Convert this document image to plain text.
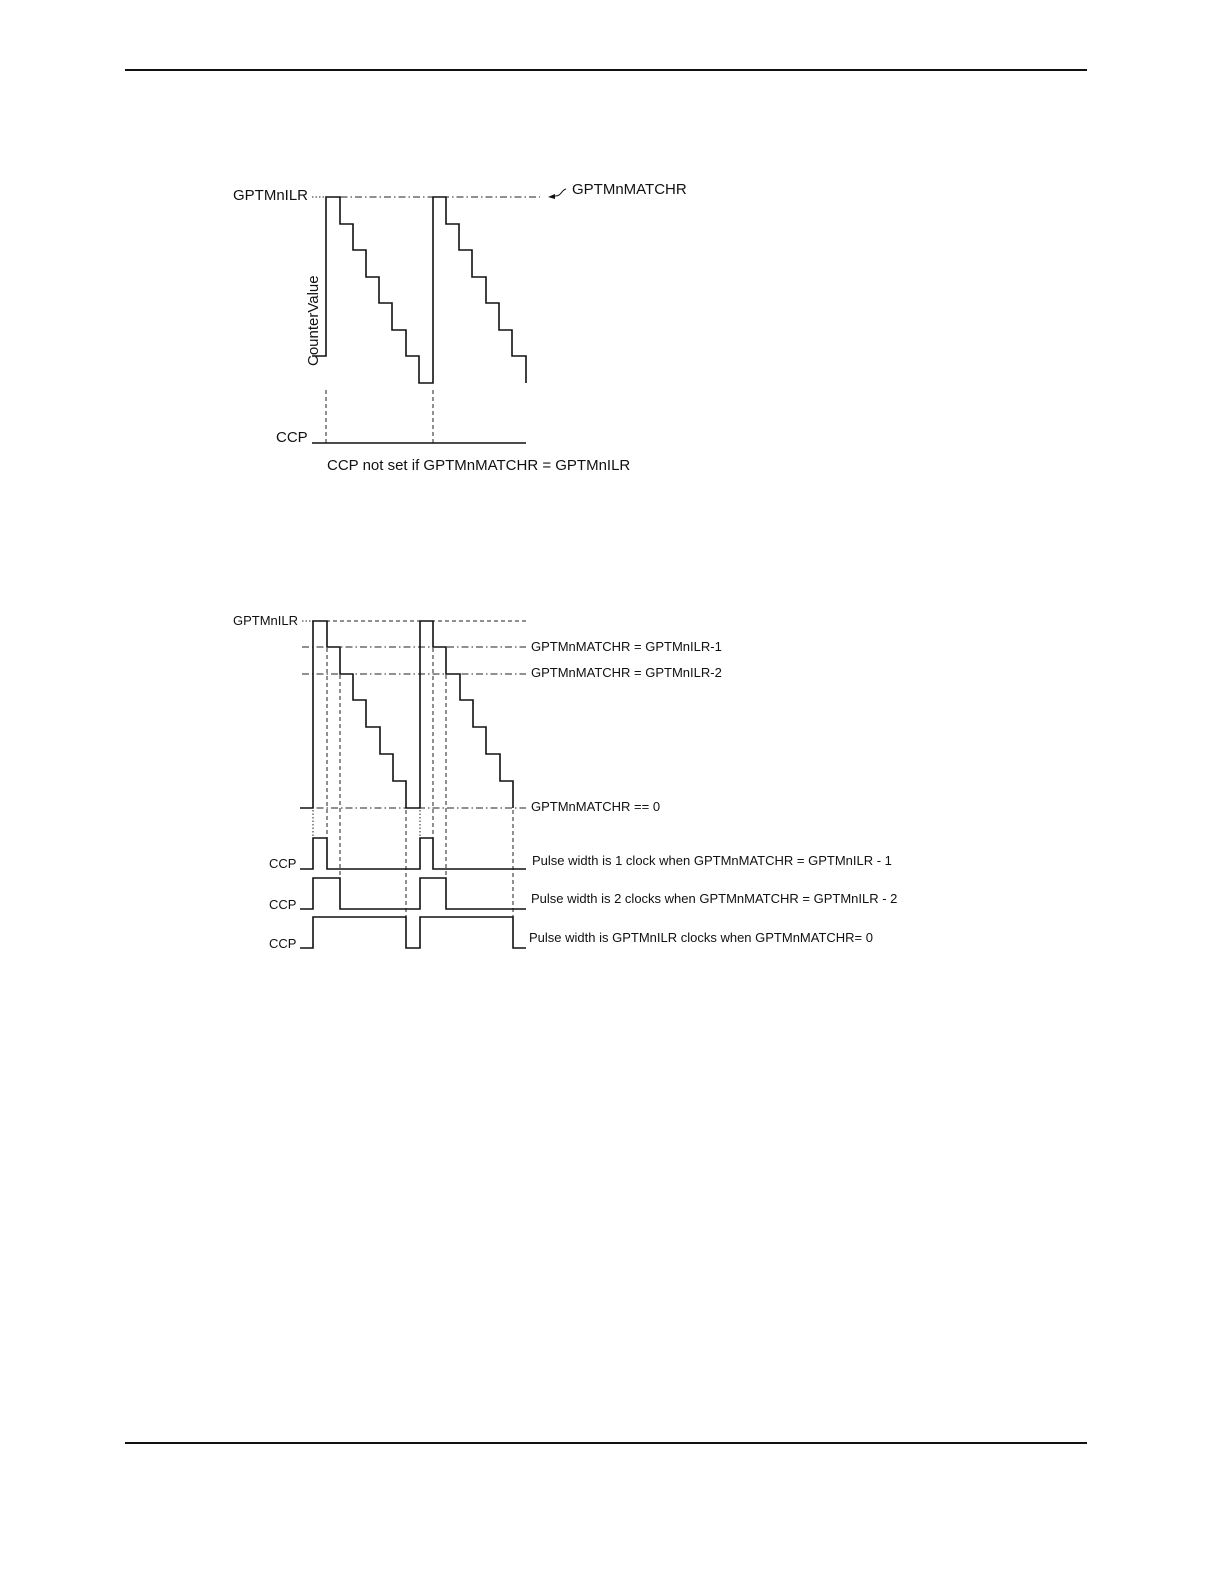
GPTMnILR	GPTMnMATCHR
CounterValue
CCP
CCP not set if GPTMnMATCHR = GPTMnILR
GPTMnILR
GPTMnMATCHR = GPTMnILR-1
GPTMnMATCHR = GPTMnILR-2
GPTMnMATCHR == 0
CCP	Pulse width is 1 clock when GPTMnMATCHR = GPTMnILR - 1
CCP	Pulse width is 2 clocks when GPTMnMATCHR = GPTMnILR - 2
CCP	Pulse width is GPTMnILR clocks when GPTMnMATCHR= 0
